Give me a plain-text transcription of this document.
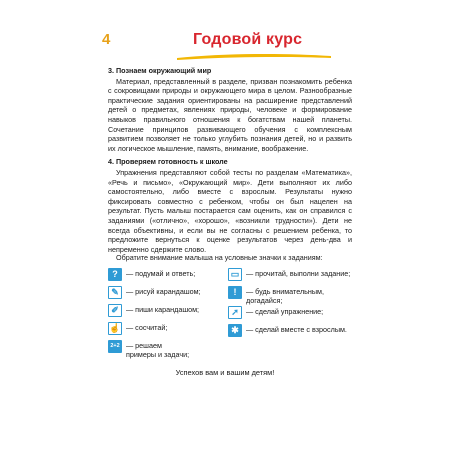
4	Годовой курс
3. Познаем окружающий мир

Материал, представленный в разделе, призван познакомить ребенка с сокровищами природы и окружающего мира в целом. Разнообразные практические задания ориентированы на расширение представлений детей о предметах, явлениях природы, человеке и формирование навыков правильного отношения к богатствам нашей планеты. Сочетание принципов развивающего обучения с комплексным развитием позволяет не только углубить познания детей, но и развить их логическое мышление, память, внимание, воображение.

4. Проверяем готовность к школе

Упражнения представляют собой тесты по разделам «Математика», «Речь и письмо», «Окружающий мир». Дети выполняют их либо самостоятельно, либо вместе с взрослым. Результаты нужно фиксировать совместно с ребенком, чтобы он был нацелен на результат. Пусть малыш постарается сам оценить, как он справился с заданиями («отлично», «хорошо», «возникли трудности»). Дети не всегда объективны, и если вы не согласны с решением ребенка, то предложите вернуться к оценке результатов через день-два и непременно сдержите слово.

Обратите внимание малыша на условные значки к заданиям:
?	— подумай и ответь;
✎	— рисуй карандашом;
✐	— пиши карандашом;
☝ — сосчитай;
2+2 — решаем примеры и задачи;
▭ — прочитай, выполни задание;
!	— будь внимательным, догадайся;
➚	— сделай упражнение;
✱	— сделай вместе с взрослым.
Успехов вам и вашим детям!
